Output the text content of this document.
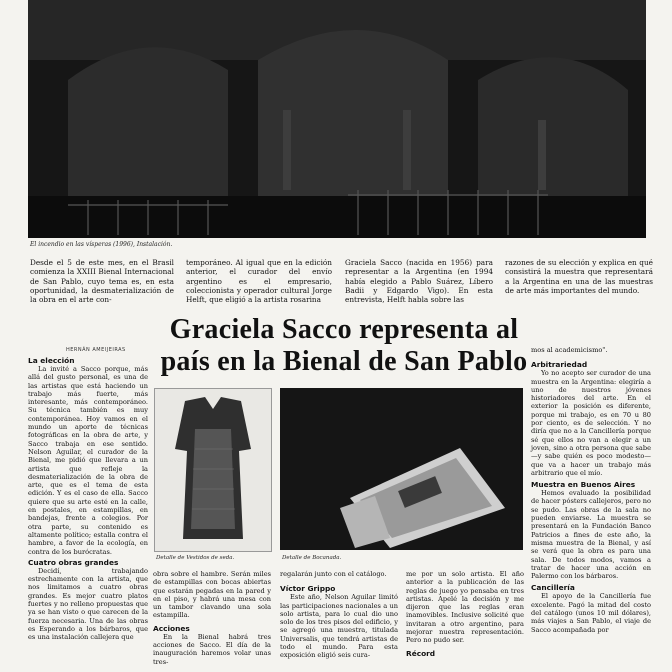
El incendio en las vísperas (1996), Instalación.
Desde el 5 de este mes, en el Brasil comienza la XXIII Bienal Internacional de San Pablo, cuyo tema es, en esta oportunidad, la desmaterialización de la obra en el arte con-
temporáneo. Al igual que en la edición anterior, el curador del envío argentino es el empresario, coleccionista y operador cultural Jorge Helft, que eligió a la artista rosarina
Graciela Sacco (nacida en 1956) para representar a la Argentina (en 1994 había elegido a Pablo Suárez, Líbero Badii y Edgardo Vigo). En esta entrevista, Helft habla sobre las
razones de su elección y explica en qué consistirá la muestra que representará a la Argentina en una de las muestras de arte más importantes del mundo.
Graciela Sacco representa al
país en la Bienal de San Pablo
HERNÁN AMEIJEIRAS
La elección

La invité a Sacco porque, más allá del gusto personal, es una de las artistas que está haciendo un trabajo más fuerte, más interesante, más contemporáneo. Su técnica también es muy contemporánea. Hoy vamos en el mundo un aporte de técnicas fotográficas en la obra de arte, y Sacco trabaja en ese sentido. Nelson Aguilar, el curador de la Bienal, me pidió que llevara a un artista que refleje la desmaterialización de la obra de arte, que es el tema de esta edición. Y es el caso de ella. Sacco quiere que su arte esté en la calle, en postales, en estampillas, en bandejas, frente a colegios. Por otra parte, su contenido es altamente político; estalla contra el hambre, a favor de la ecología, en contra de los burócratas.

Cuatro obras grandes

Decidí, trabajando estrechamente con la artista, que nos limitamos a cuatro obras grandes. Es mejor cuatro platos fuertes y no relleno propuestas que ya se han visto o que carecen de la fuerza necesaria. Una de las obras es Esperando a los bárbaros, que es una instalación callejera que

Detalle de Vestidos de seda.	Detalle de Bocanada.

obra sobre el hambre. Serán miles de estampillas con bocas abiertas que estarán pegadas en la pared y en el piso, y habrá una mesa con un tambor clavando una sola estampilla.

Acciones

En la Bienal habrá tres acciones de Sacco. El día de la inauguración haremos volar unas tres-

regalarán junto con el catálogo.

Víctor Grippo

Este año, Nelson Aguilar limitó las participaciones nacionales a un solo artista, para lo cual dio uno solo de los tres pisos del edificio, y se agregó una muestra, titulada Universalis, que tendrá artistas de todo el mundo. Para esta exposición eligió seis cura-

me por un solo artista. El año anterior a la publicación de las reglas de juego yo pensaba en tres artistas. Apelé la decisión y me dijeron que las reglas eran inamovibles. Inclusive solicité que invitaran a otro argentino, para mejorar nuestra representación. Pero no pudo ser.

Récord

mos al academicismo".

Arbitrariedad

Yo no acepto ser curador de una muestra en la Argentina: elegiría a uno de nuestros jóvenes historiadores del arte. En el exterior la posición es diferente, porque mi trabajo, es en 70 u 80 por ciento, es de selección. Y no diría que no a la Cancillería porque sé que ellos no van a elegir a un joven, sino a otra persona que sabe —y sabe quién es poco modesto— que va a hacer un trabajo más arbitrario que el mío.

Muestra en Buenos Aires

Hemos evaluado la posibilidad de hacer pósters callejeros, pero no se pudo. Las obras de la sala no pueden enviarse. La muestra se presentará en la Fundación Banco Patricios a fines de este año, la misma muestra de la Bienal, y así se verá que la obra es para una sala. De todos modos, vamos a tratar de hacer una acción en Palermo con los bárbaros.

Cancillería

El apoyo de la Cancillería fue excelente. Pagó la mitad del costo del catálogo (unos 10 mil dólares), más viajes a San Pablo, el viaje de Sacco acompañada por
